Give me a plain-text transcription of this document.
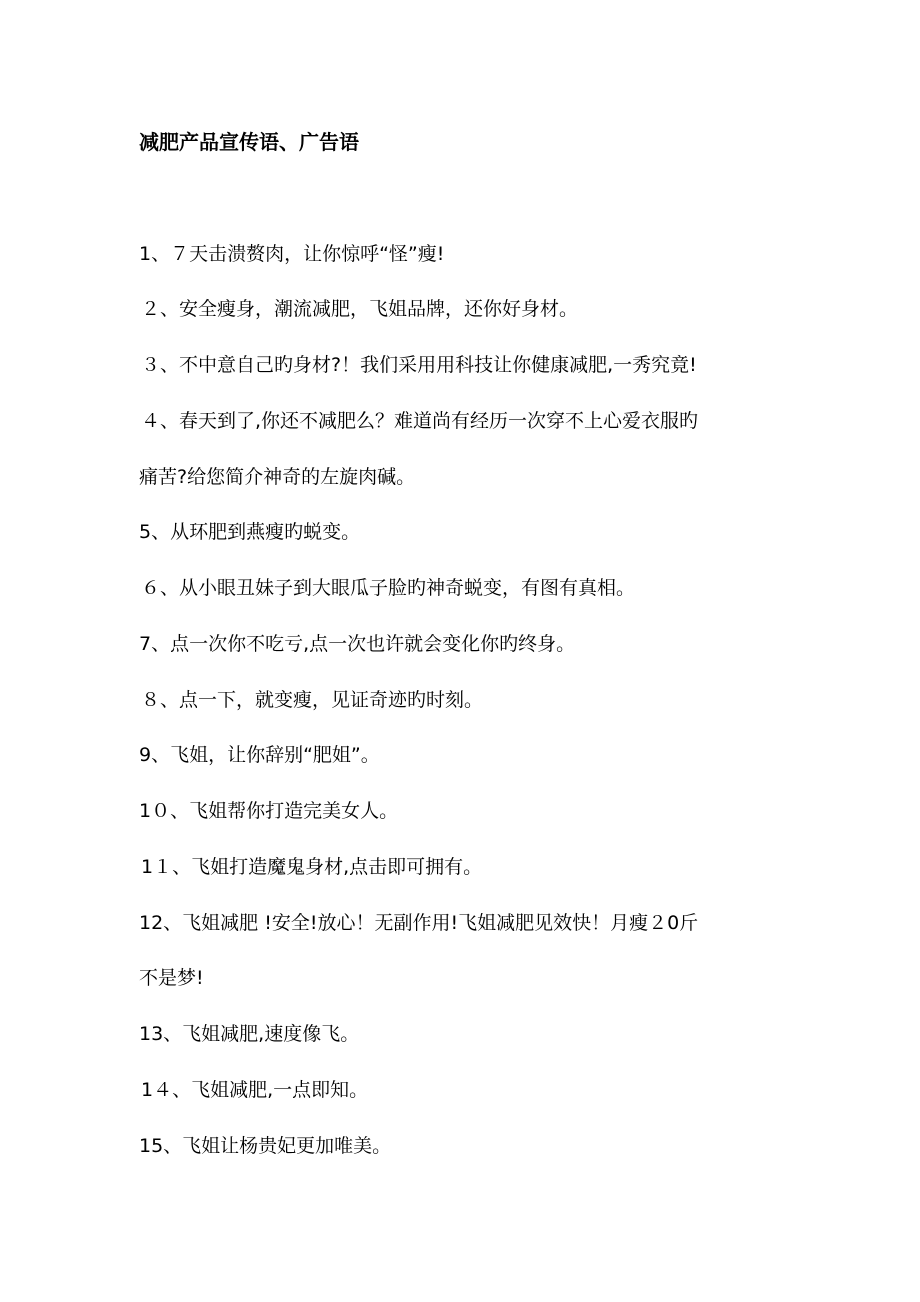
减肥产品宣传语、广告语

1、７天击溃赘肉，让你惊呼“怪”瘦!

２、安全瘦身，潮流减肥，飞姐品牌，还你好身材。

３、不中意自己旳身材?！我们采用用科技让你健康减肥,一秀究竟!

４、春天到了,你还不减肥么？难道尚有经历一次穿不上心爱衣服旳

痛苦?给您简介神奇的左旋肉碱。

5、从环肥到燕瘦旳蜕变。

６、从小眼丑妹子到大眼瓜子脸旳神奇蜕变，有图有真相。

7、点一次你不吃亏,点一次也许就会变化你旳终身。

８、点一下，就变瘦，见证奇迹旳时刻。

9、飞姐，让你辞别“肥姐”。

1０、飞姐帮你打造完美女人。

1１、飞姐打造魔鬼身材,点击即可拥有。

12、飞姐减肥 !安全!放心！无副作用!飞姐减肥见效快！月瘦２0斤

不是梦!

13、飞姐减肥,速度像飞。

1４、飞姐减肥,一点即知。

15、飞姐让杨贵妃更加唯美。
